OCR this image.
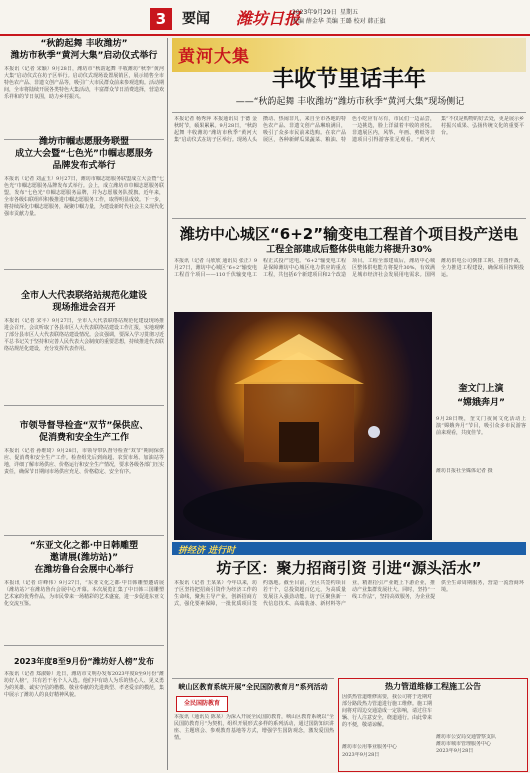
3	要闻 潍坊日报
2023年9月29日 星期五
责编 薛金华 美编 王璐 校对 韩正旗
“秋韵起舞 丰收潍坊”
潍坊市秋季“黄河大集”启动仪式举行
本报讯（记者 宋颖）9月28日，潍坊市“秋韵起舞 丰收潍坊”秋季“黄河大集”启动仪式在坊子区举行。启动仪式现场设置展销区，展示销售全市特色农产品、非遗文创产品等，吸引广大市民群众前来参观选购。活动期间，全市将陆续开展各类特色大集活动，丰富群众节日消费选择，营造欢乐祥和的节日氛围，助力乡村振兴。
潍坊市帼志愿服务联盟
成立大会暨“七色光”巾帼志愿服务
品牌发布式举行
本报讯（记者 刘孟玉）9月27日，潍坊市帼志愿服务联盟成立大会暨“七色光”巾帼志愿服务品牌发布式举行。会上，成立潍坊市巾帼志愿服务联盟，发布“七色光”巾帼志愿服务品牌，并为志愿服务队授旗。近年来，全市各级妇联组织积极推进巾帼志愿服务工作，取得明显成效。下一步，将持续深化巾帼志愿服务，凝聚巾帼力量，为建设新时代社会主义现代化强市贡献力量。
全市人大代表联络站规范化建设
现场推进会召开
本报讯（记者 宋平）9月27日，全市人大代表联络站规范化建设现场推进会召开。会议听取了各县市区人大代表联络站建设工作汇报，实地观摩了部分县市区人大代表联络站建设情况。会议强调，要深入学习贯彻习近平总书记关于坚持和完善人民代表大会制度的重要思想，持续推进代表联络站规范化建设，充分发挥代表作用。
市领导督导检查“双节”保供应、
促消费和安全生产工作
本报讯（记者 孙维琦）9月28日，市领导带队督导检查“双节”期间保供应、促消费和安全生产工作。检查组先后到商超、农贸市场、加油站等地，详细了解市场供应、价格运行和安全生产情况，要求各级各部门压实责任，确保节日期间市场供应充足、价格稳定、安全有序。
“东亚文化之都·中日韩雕塑
邀请展(潍坊站)”
在潍坊鲁台会展中心举行
本报讯（记者 许峰伟）9月27日，“东亚文化之都·中日韩雕塑邀请展（潍坊站）”在潍坊鲁台会展中心开幕。本次展览汇集了中日韩三国雕塑艺术家的优秀作品，为市民带来一场精彩的艺术盛宴，进一步促进东亚文化交流互鉴。
2023年度8至9月份“潍坊好人榜”发布
本报讯（记者 郑淑娇）近日，潍坊市文明办发布2023年度8至9月份“潍坊好人榜”，共有若干名个人入选。他们中有助人为乐的热心人、见义勇为的英雄、诚实守信的楷模、敬业奉献的先进典型、孝老爱亲的模范，集中展示了潍坊人的良好精神风貌。
黄河大集
丰收节里话丰年
——“秋韵起舞 丰收潍坊”潍坊市秋季“黄河大集”现场侧记
本报记者 杨秀萍 本报通讯员 于德 金秋时节，硕果累累。9月28日，“秋韵起舞 丰收潍坊”潍坊市秋季“黄河大集”启动仪式在坊子区举行。现场人头攒动、热闹非凡，来自全市各地的特色农产品、非遗文创产品琳琅满目，吸引了众多市民前来选购。在农产品展区，各种新鲜瓜果蔬菜、粮油、特色小吃应有尽有，市民们一边品尝，一边挑选，脸上洋溢着丰收的喜悦。非遗展区内，风筝、年画、剪纸等非遗项目引得游客驻足观看。“黄河大集”不仅是购物的好去处，更是展示乡村振兴成果、弘扬传统文化的重要平台。
潍坊中心城区“6+2”输变电工程首个项目投产送电
工程全部建成后整体供电能力将提升30%
本报讯（记者 马欣欣 通讯员 张正）9月27日，潍坊中心城区“6+2”输变电工程首个项目——110千伏输变电工程正式投产送电。“6+2”输变电工程是保障潍坊中心城区电力供应的重点工程，共包括6个新建项目和2个改造项目。工程全部建成后，潍坊中心城区整体供电能力将提升30%，有效满足城市经济社会发展用电需求。国网潍坊供电公司倒排工期、挂图作战，全力推进工程建设，确保项目按期投运。
奎文门上演
“嫦娥奔月”
9月28日晚，奎文门夜间文化活动上演“嫦娥奔月”节目，吸引众多市民游客前来观看，共度佳节。
潍坊日报社全媒体记者 摄
拼经济 进行时
坊子区：聚力招商引资 引进“源头活水”
本报讯（记者 王某某）今年以来，坊子区坚持把招商引资作为经济工作的生命线，聚焦主导产业，创新招商方式，强化要素保障，一批优质项目签约落地。截至目前，全区共签约项目若干个，总投资超百亿元，为高质量发展注入强劲动能。坊子区聚焦新一代信息技术、高端装备、新材料等产业，精准招引产业链上下游企业，推动产业集群发展壮大。同时，坚持“一线工作法”，坚持高效服务，为企业提供全生命周期服务，营造一流营商环境。
峡山区教育系统开展“全民国防教育月”系列活动
全民国防教育
本报讯（通讯员 陈某）为深入开展全民国防教育，峡山区教育系统以“全民国防教育月”为契机，组织开展形式多样的系列活动，通过国防知识讲座、主题班会、参观教育基地等方式，增强学生国防观念，激发爱国热情。
热力管道维修工程施工公告
因供热管道维修需要，我公司将于近期对部分路段热力管道进行施工维修。施工期间将对周边交通造成一定影响，请过往车辆、行人注意安全，绕道通行。由此带来的不便，敬请谅解。
潍坊市公用事业服务中心
2023年9月28日
潍坊市公安局交通警察支队
潍坊市城市管理服务中心
2023年9月28日
